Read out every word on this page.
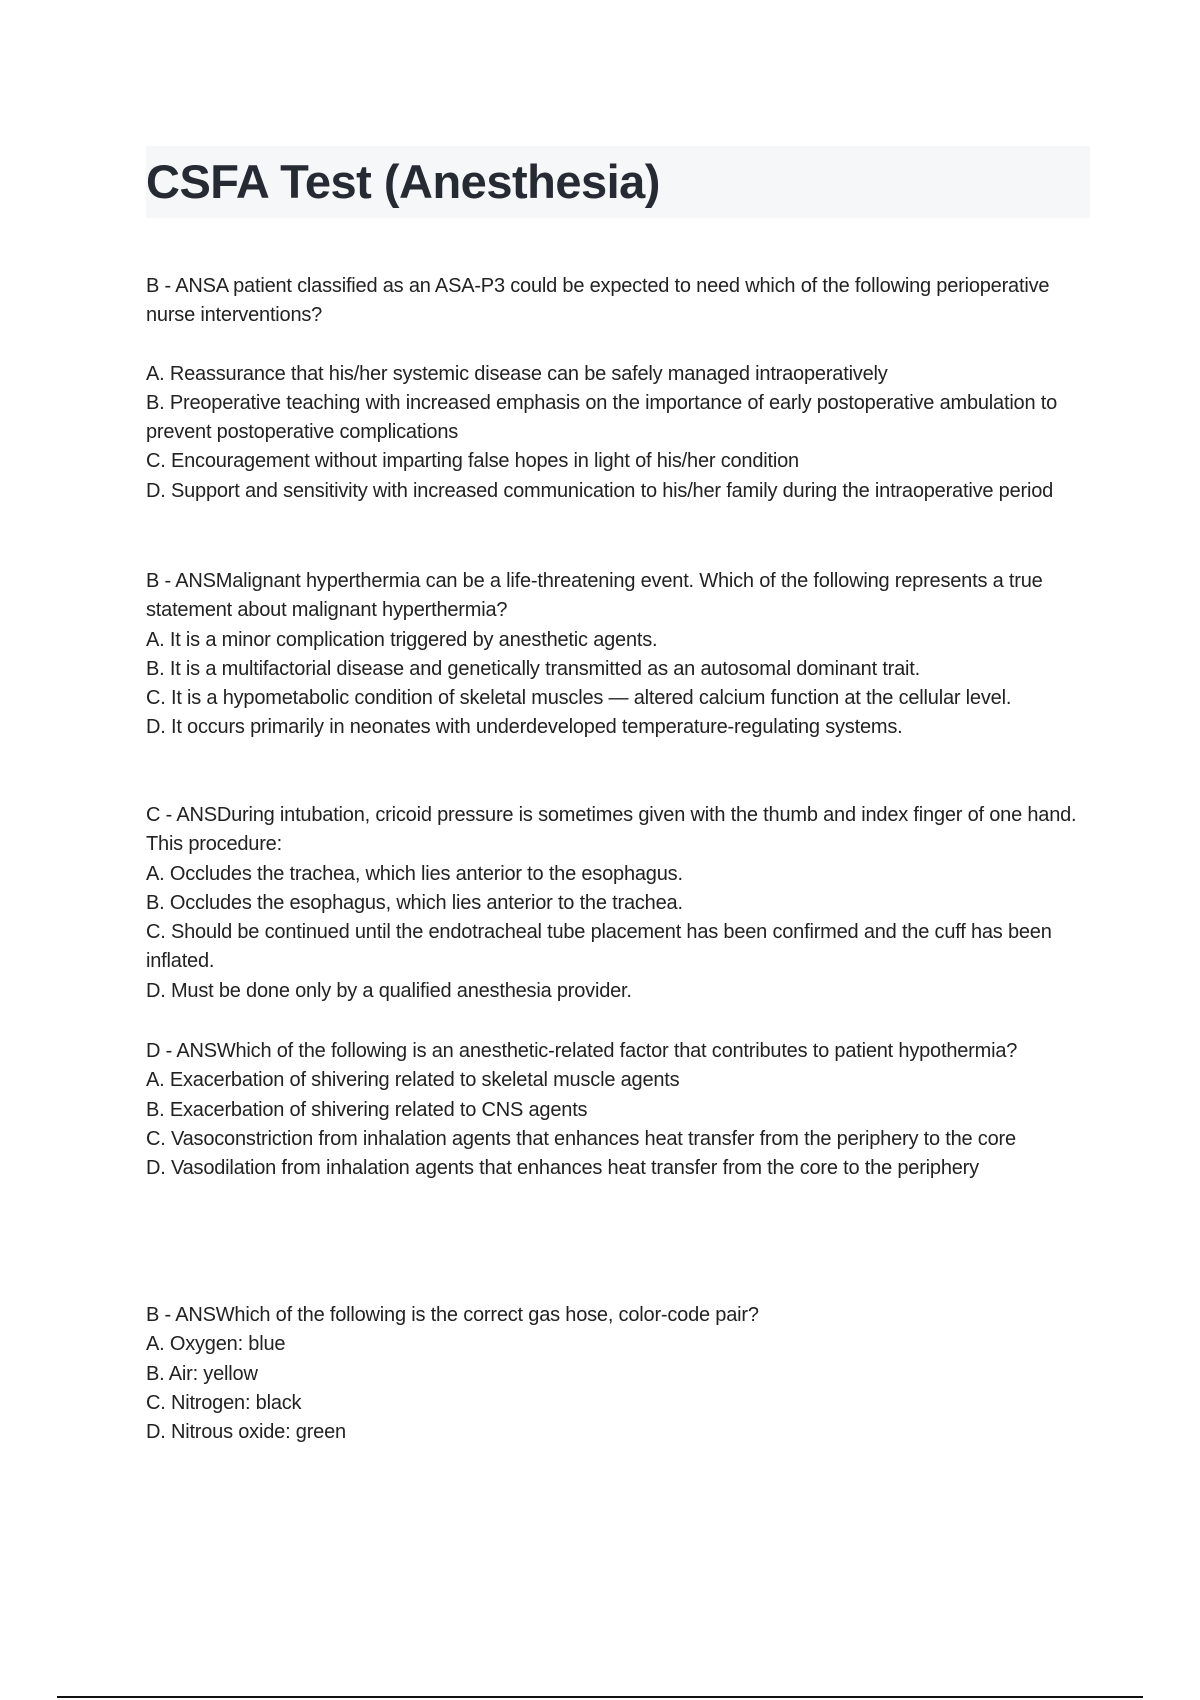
CSFA Test (Anesthesia)

B - ANSA patient classified as an ASA-P3 could be expected to need which of the following perioperative nurse interventions?

A. Reassurance that his/her systemic disease can be safely managed intraoperatively

B. Preoperative teaching with increased emphasis on the importance of early postoperative ambulation to prevent postoperative complications

C. Encouragement without imparting false hopes in light of his/her condition

D. Support and sensitivity with increased communication to his/her family during the intraoperative period

B - ANSMalignant hyperthermia can be a life-threatening event. Which of the following represents a true statement about malignant hyperthermia?

A. It is a minor complication triggered by anesthetic agents.

B. It is a multifactorial disease and genetically transmitted as an autosomal dominant trait.

C. It is a hypometabolic condition of skeletal muscles — altered calcium function at the cellular level.

D. It occurs primarily in neonates with underdeveloped temperature-regulating systems.

C - ANSDuring intubation, cricoid pressure is sometimes given with the thumb and index finger of one hand. This procedure:

A. Occludes the trachea, which lies anterior to the esophagus.

B. Occludes the esophagus, which lies anterior to the trachea.

C. Should be continued until the endotracheal tube placement has been confirmed and the cuff has been inflated.

D. Must be done only by a qualified anesthesia provider.

D - ANSWhich of the following is an anesthetic-related factor that contributes to patient hypothermia?

A. Exacerbation of shivering related to skeletal muscle agents

B. Exacerbation of shivering related to CNS agents

C. Vasoconstriction from inhalation agents that enhances heat transfer from the periphery to the core

D. Vasodilation from inhalation agents that enhances heat transfer from the core to the periphery

B - ANSWhich of the following is the correct gas hose, color-code pair?

A. Oxygen: blue

B. Air: yellow

C. Nitrogen: black

D. Nitrous oxide: green
